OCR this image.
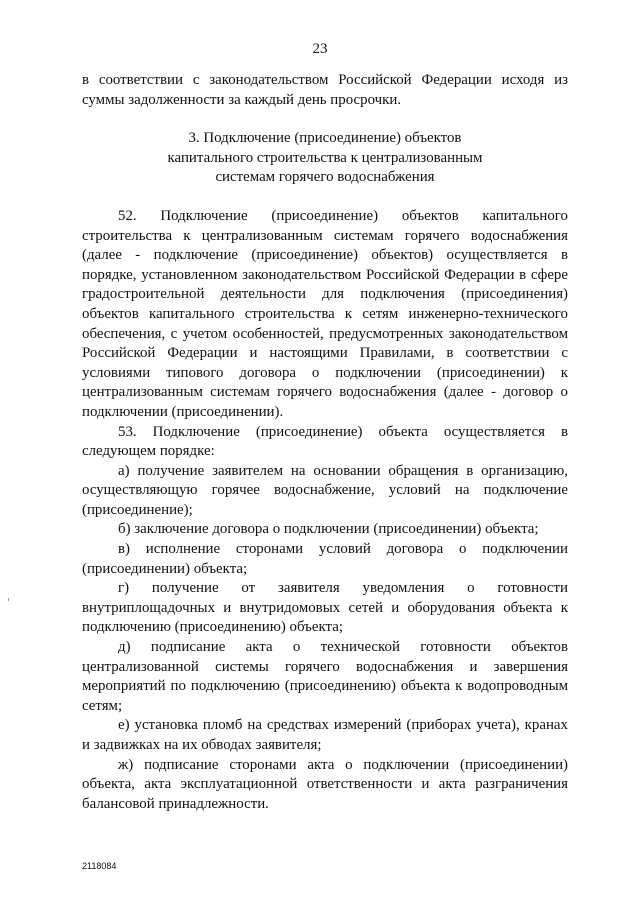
23

в соответствии с законодательством Российской Федерации исходя из суммы задолженности за каждый день просрочки.

3. Подключение (присоединение) объектов
капитального строительства к централизованным
системам горячего водоснабжения

52. Подключение (присоединение) объектов капитального строительства к централизованным системам горячего водоснабжения (далее - подключение (присоединение) объектов) осуществляется в порядке, установленном законодательством Российской Федерации в сфере градостроительной деятельности для подключения (присоединения) объектов капитального строительства к сетям инженерно-технического обеспечения, с учетом особенностей, предусмотренных законодательством Российской Федерации и настоящими Правилами, в соответствии с условиями типового договора о подключении (присоединении) к централизованным системам горячего водоснабжения (далее - договор о подключении (присоединении).

53. Подключение (присоединение) объекта осуществляется в следующем порядке:

а) получение заявителем на основании обращения в организацию, осуществляющую горячее водоснабжение, условий на подключение (присоединение);

б) заключение договора о подключении (присоединении) объекта;

в) исполнение сторонами условий договора о подключении (присоединении) объекта;

г) получение от заявителя уведомления о готовности внутриплощадочных и внутридомовых сетей и оборудования объекта к подключению (присоединению) объекта;

д) подписание акта о технической готовности объектов централизованной системы горячего водоснабжения и завершения мероприятий по подключению (присоединению) объекта к водопроводным сетям;

е) установка пломб на средствах измерений (приборах учета), кранах и задвижках на их обводах заявителя;

ж) подписание сторонами акта о подключении (присоединении) объекта, акта эксплуатационной ответственности и акта разграничения балансовой принадлежности.

2118084
